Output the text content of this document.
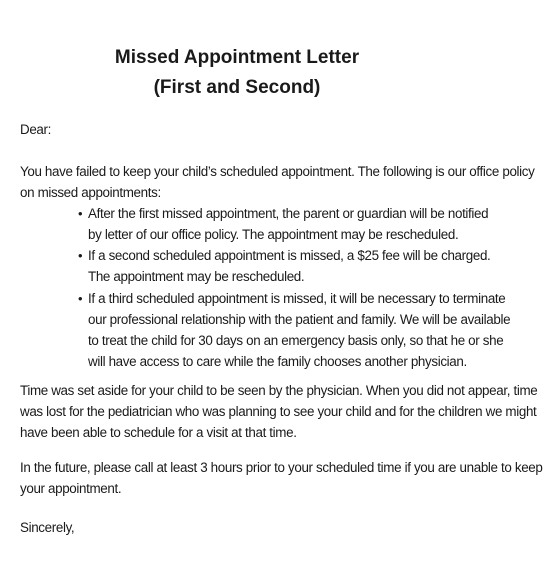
Missed Appointment Letter
(First and Second)
Dear:
You have failed to keep your child’s scheduled appointment. The following is our office policy
on missed appointments:
• After the first missed appointment, the parent or guardian will be notified
by letter of our office policy. The appointment may be rescheduled.
• If a second scheduled appointment is missed, a $25 fee will be charged.
The appointment may be rescheduled.
• If a third scheduled appointment is missed, it will be necessary to terminate
our professional relationship with the patient and family. We will be available
to treat the child for 30 days on an emergency basis only, so that he or she
will have access to care while the family chooses another physician.
Time was set aside for your child to be seen by the physician. When you did not appear, time
was lost for the pediatrician who was planning to see your child and for the children we might
have been able to schedule for a visit at that time.
In the future, please call at least 3 hours prior to your scheduled time if you are unable to keep
your appointment.
Sincerely,
